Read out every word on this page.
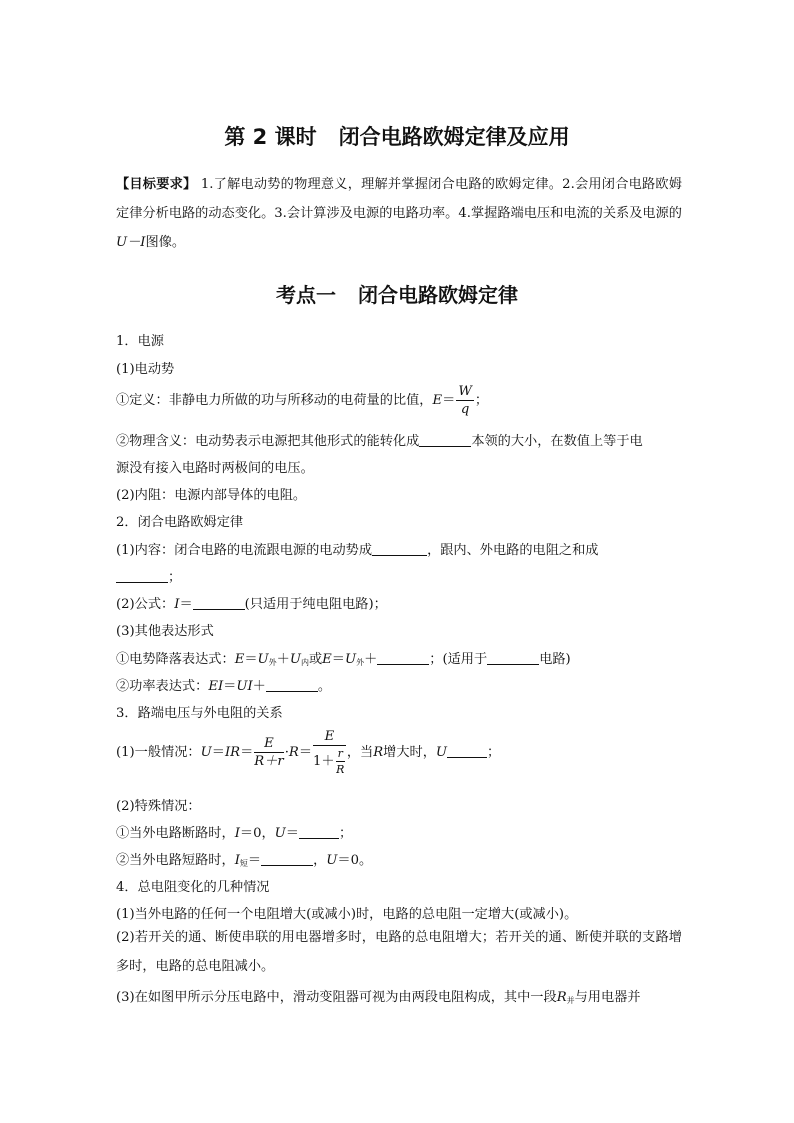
第 2 课时 闭合电路欧姆定律及应用
【目标要求】 1.了解电动势的物理意义，理解并掌握闭合电路的欧姆定律。2.会用闭合电路欧姆定律分析电路的动态变化。3.会计算涉及电源的电路功率。4.掌握路端电压和电流的关系及电源的U－I图像。
考点一 闭合电路欧姆定律
1．电源
(1)电动势
①定义：非静电力所做的功与所移动的电荷量的比值，$E= \frac{W}{q}$ ；
②物理含义：电动势表示电源把其他形式的能转化成	本领的大小，在数值上等于电
源没有接入电路时两极间的电压。
(2)内阻：电源内部导体的电阻。
2．闭合电路欧姆定律
(1)内容：闭合电路的电流跟电源的电动势成	，跟内、外电路的电阻之和成
；
(2)公式：I＝	(只适用于纯电阻电路)；
(3)其他表达形式
①电势降落表达式：$E=U_外+U_内$或$E=U_外+$	；(适用于	电路)
②功率表达式：EI＝UI＋	。
3．路端电压与外电阻的关系
(1)一般情况：$U=IR= \frac{E}{R+r} \cdot R= \frac{E}{1+ \frac{r}{R}}$ ，当R增大时，U	；
(2)特殊情况：
①当外电路断路时，I＝0，U＝	；
②当外电路短路时，$I_短=$	，U＝0。
4．总电阻变化的几种情况
(1)当外电路的任何一个电阻增大(或减小)时，电路的总电阻一定增大(或减小)。
(2)若开关的通、断使串联的用电器增多时，电路的总电阻增大；若开关的通、断使并联的支路增多时，电路的总电阻减小。
(3)在如图甲所示分压电路中，滑动变阻器可视为由两段电阻构成，其中一段$R_并$与用电器并
